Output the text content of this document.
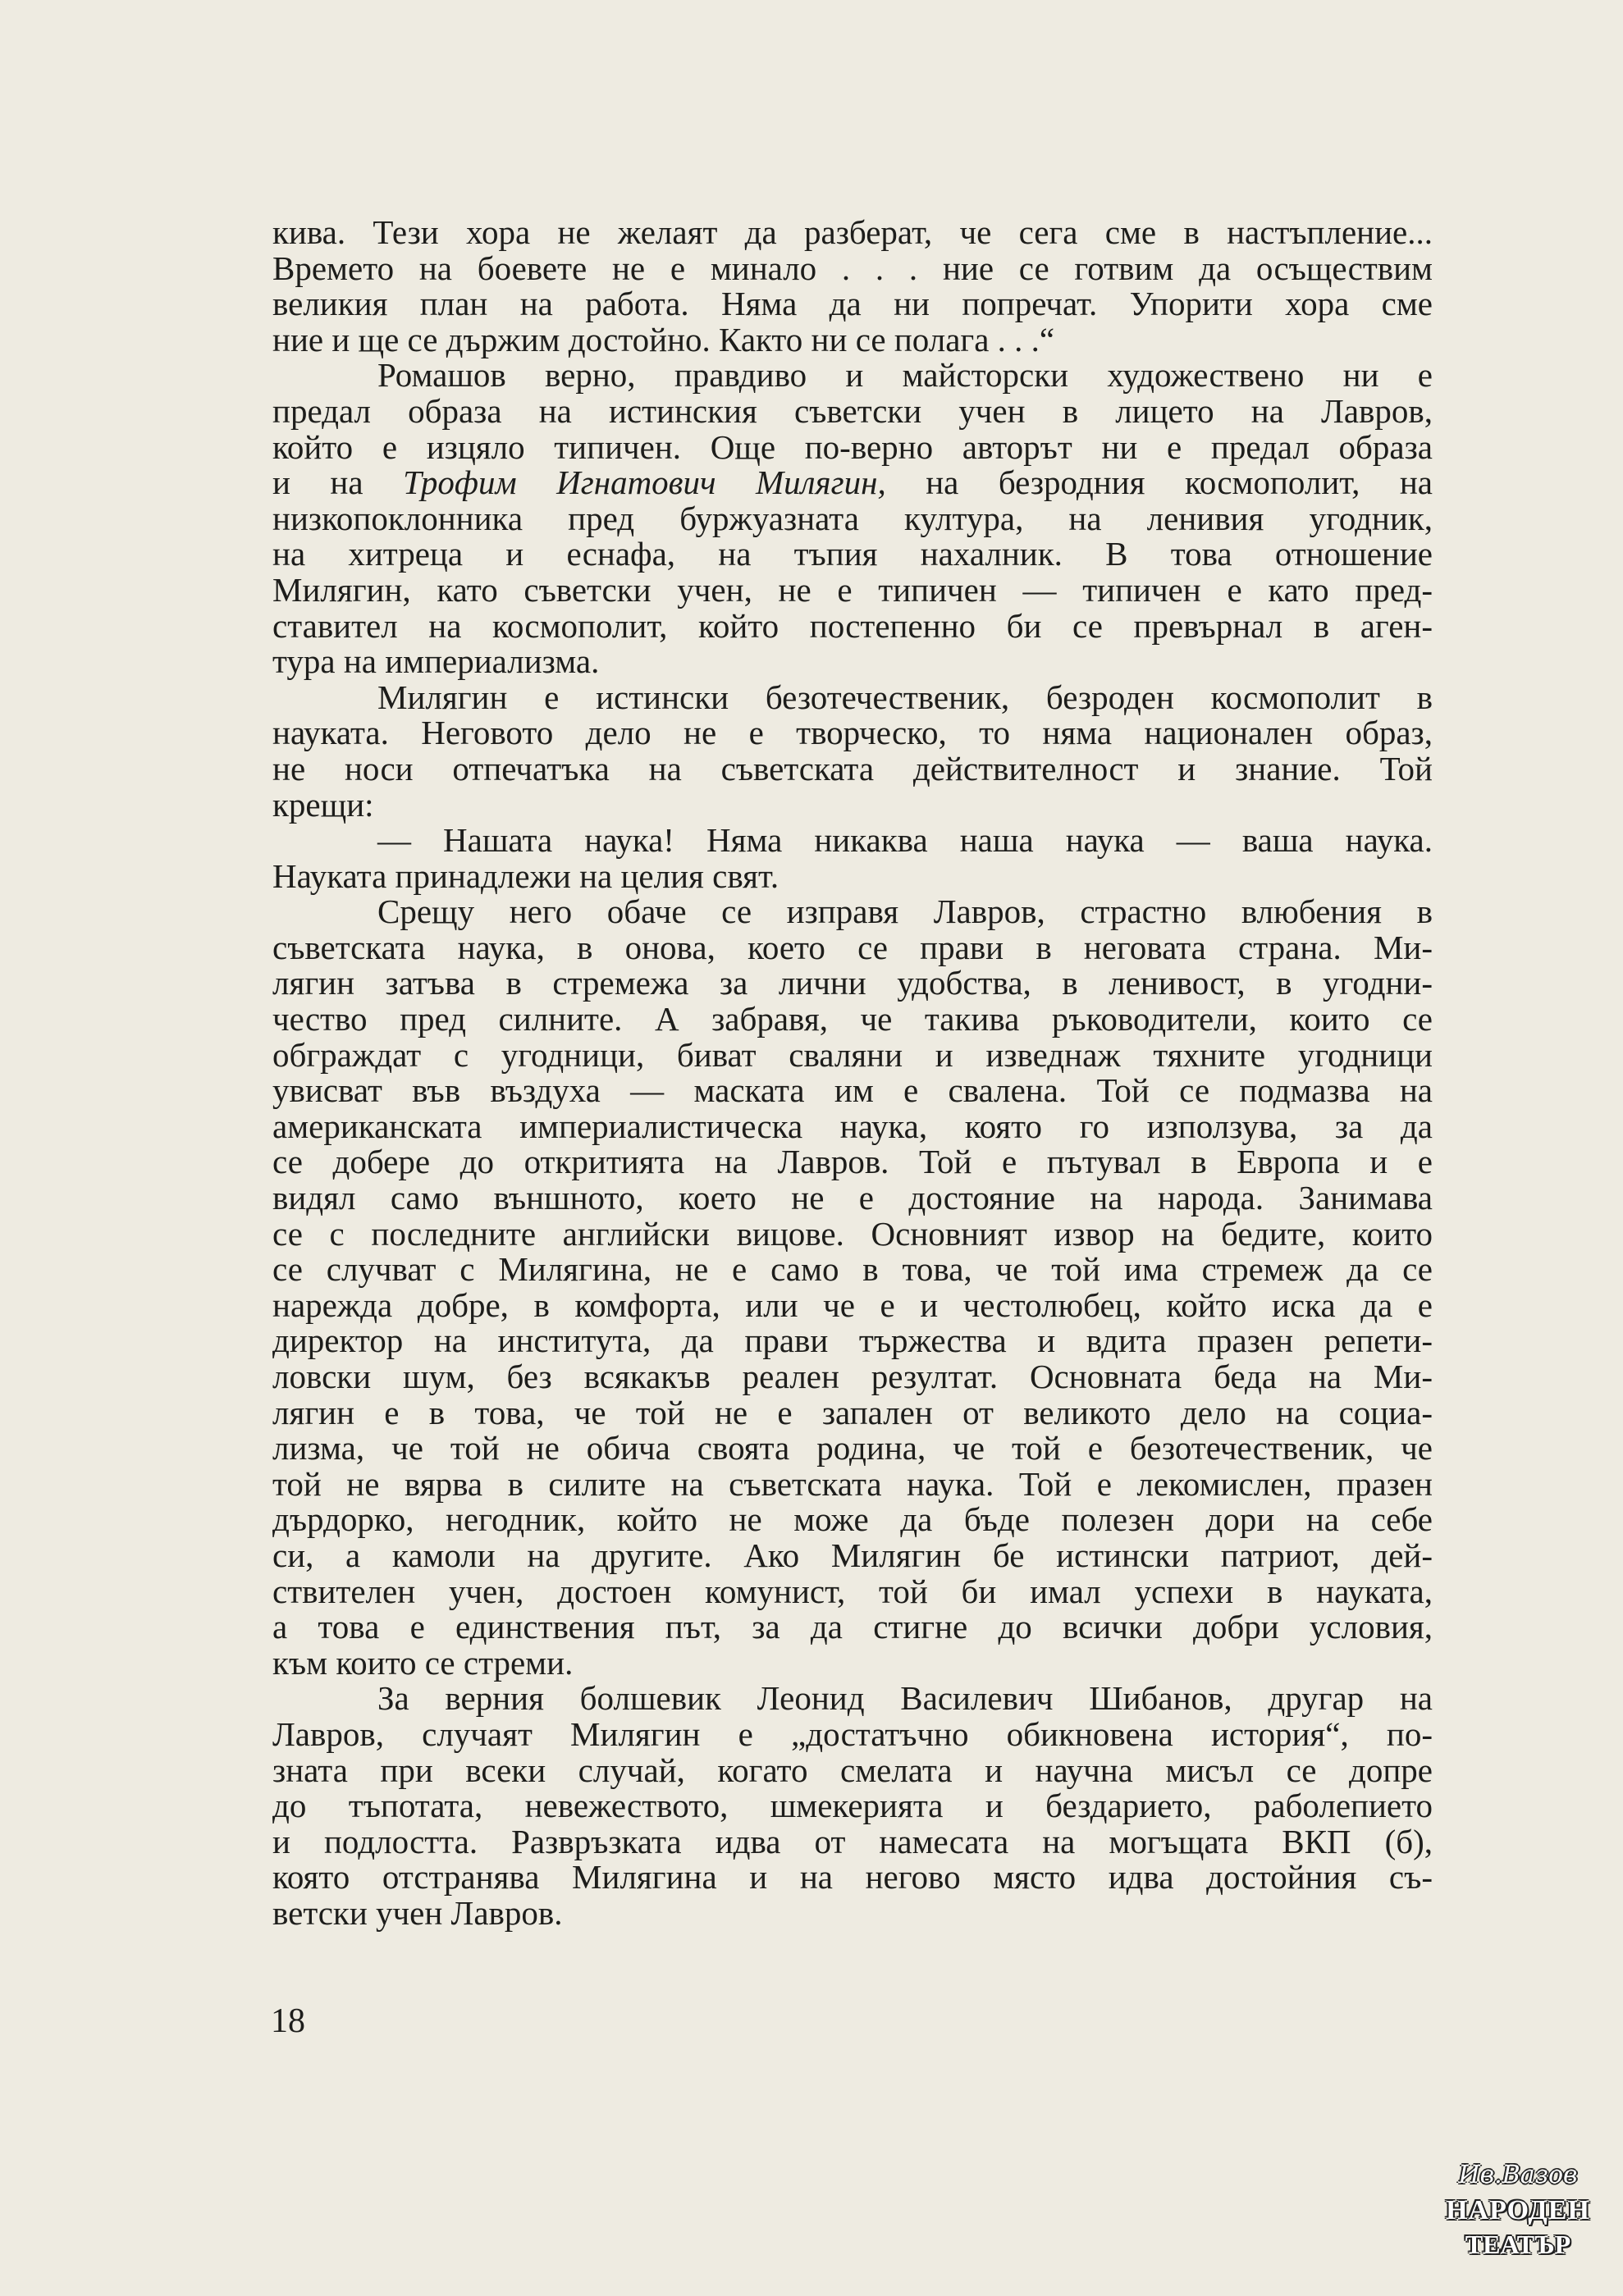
кива. Тези хора не желаят да разберат, че сега сме в настъпление...
Времето на боевете не е минало . . . ние се готвим да осъществим
великия план на работа. Няма да ни попречат. Упорити хора сме
ние и ще се държим достойно. Както ни се полага . . .“
Ромашов верно, правдиво и майсторски художествено ни е
предал образа на истинския съветски учен в лицето на Лавров,
който е изцяло типичен. Още по-верно авторът ни е предал образа
и на Трофим Игнатович Милягин, на безродния космополит, на
низкопоклонника пред буржуазната култура, на ленивия угодник,
на хитреца и еснафа, на тъпия нахалник. В това отношение
Милягин, като съветски учен, не е типичен — типичен е като пред-
ставител на космополит, който постепенно би се превърнал в аген-
тура на империализма.
Милягин е истински безотечественик, безроден космополит в
науката. Неговото дело не е творческо, то няма национален образ,
не носи отпечатъка на съветската действителност и знание. Той
крещи:
— Нашата наука! Няма никаква наша наука — ваша наука.
Науката принадлежи на целия свят.
Срещу него обаче се изправя Лавров, страстно влюбения в
съветската наука, в онова, което се прави в неговата страна. Ми-
лягин затъва в стремежа за лични удобства, в ленивост, в угодни-
чество пред силните. А забравя, че такива ръководители, които се
обграждат с угодници, биват сваляни и изведнаж тяхните угодници
увисват във въздуха — маската им е свалена. Той се подмазва на
американската империалистическа наука, която го използува, за да
се добере до откритията на Лавров. Той е пътувал в Европа и е
видял само външното, което не е достояние на народа. Занимава
се с последните английски вицове. Основният извор на бедите, които
се случват с Милягина, не е само в това, че той има стремеж да се
нарежда добре, в комфорта, или че е и честолюбец, който иска да е
директор на института, да прави тържества и вдита празен репети-
ловски шум, без всякакъв реален резултат. Основната беда на Ми-
лягин е в това, че той не е запален от великото дело на социа-
лизма, че той не обича своята родина, че той е безотечественик, че
той не вярва в силите на съветската наука. Той е лекомислен, празен
дърдорко, негодник, който не може да бъде полезен дори на себе
си, а камоли на другите. Ако Милягин бе истински патриот, дей-
ствителен учен, достоен комунист, той би имал успехи в науката,
а това е единствения път, за да стигне до всички добри условия,
към които се стреми.
За верния болшевик Леонид Василевич Шибанов, другар на
Лавров, случаят Милягин е „достатъчно обикновена история“, по-
зната при всеки случай, когато смелата и научна мисъл се допре
до тъпотата, невежеството, шмекерията и бездарието, раболепието
и подлостта. Развръзката идва от намесата на могъщата ВКП (б),
която отстранява Милягина и на негово място идва достойния съ-
ветски учен Лавров.
18
Ив.Вазов
НАРОДЕН
ТЕАТЪР
